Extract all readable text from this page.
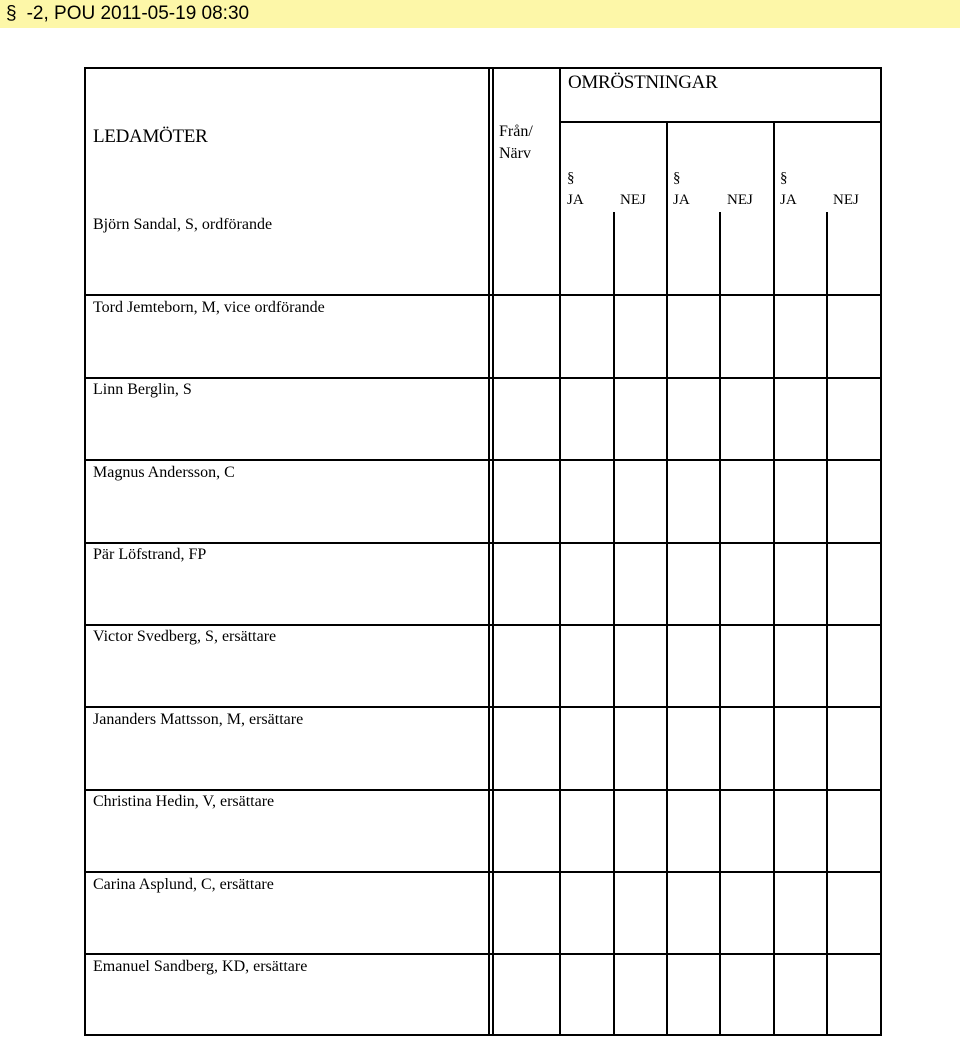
§ -2, POU 2011-05-19 08:30
LEDAMÖTER	Från/
Närv
OMRÖSTNINGAR
§
JA NEJ
§
JA NEJ
§
JA NEJ
Björn Sandal, S, ordförande
Tord Jemteborn, M, vice ordförande
Linn Berglin, S
Magnus Andersson, C
Pär Löfstrand, FP
Victor Svedberg, S, ersättare
Jananders Mattsson, M, ersättare
Christina Hedin, V, ersättare
Carina Asplund, C, ersättare
Emanuel Sandberg, KD, ersättare
